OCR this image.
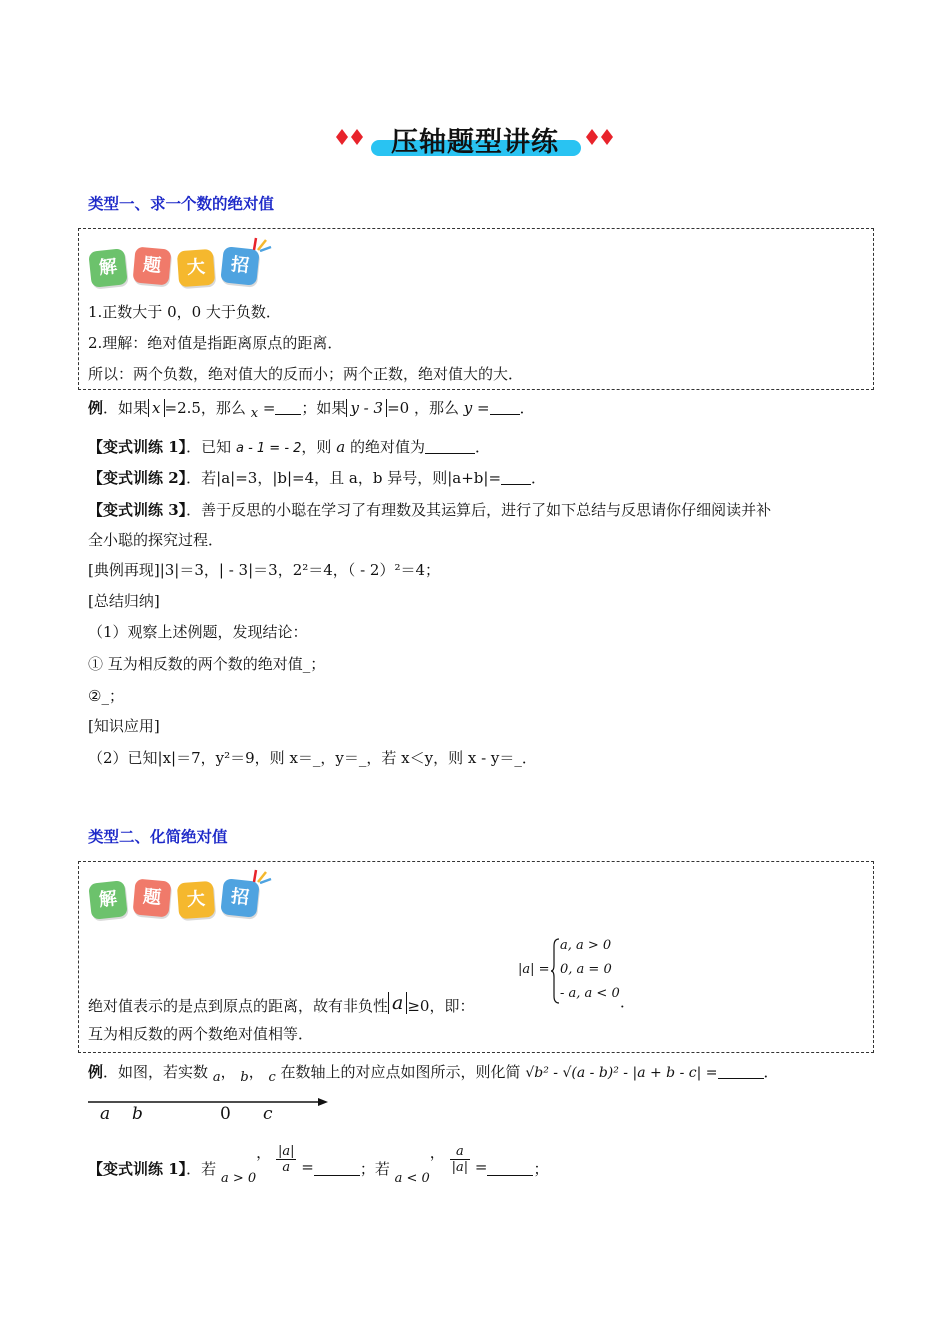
压轴题型讲练
类型一、求一个数的绝对值
解	题	大	招
1.正数大于 0，0 大于负数．
2.理解：绝对值是指距离原点的距离．
所以：两个负数，绝对值大的反而小；两个正数，绝对值大的大．
例．如果 x =2.5，那么 x = ；如果 y - 3 =0 ，那么 y = ．
【变式训练 1】．已知 a - 1 = - 2，则 a 的绝对值为	．
【变式训练 2】．若|a|=3，|b|=4，且 a，b 异号，则|a+b|= ．
【变式训练 3】．善于反思的小聪在学习了有理数及其运算后，进行了如下总结与反思请你仔细阅读并补
全小聪的探究过程．
[典例再现]|3|＝3，| - 3|＝3，2²＝4，（ - 2）²＝4；
[总结归纳]
（1）观察上述例题，发现结论：
① 互为相反数的两个数的绝对值_；
②_；
[知识应用]
（2）已知|x|＝7，y²＝9，则 x＝_，y＝_，若 x＜y，则 x - y＝_．
类型二、化简绝对值
解	题	大	招
|a| =
a, a > 0
0, a = 0
- a, a < 0
绝对值表示的是点到原点的距离，故有非负性 a ≥0，即：	．
互为相反数的两个数绝对值相等．
例．如图，若实数 a， b， c 在数轴上的对应点如图所示，则化简 √b² - √(a - b)² - |a + b - c| =	．
a b	0 c
【变式训练 1】．若 a > 0， $\frac{|a|}{a}$ =	；若 a < 0， $\frac{a}{|a|}$ =	；
